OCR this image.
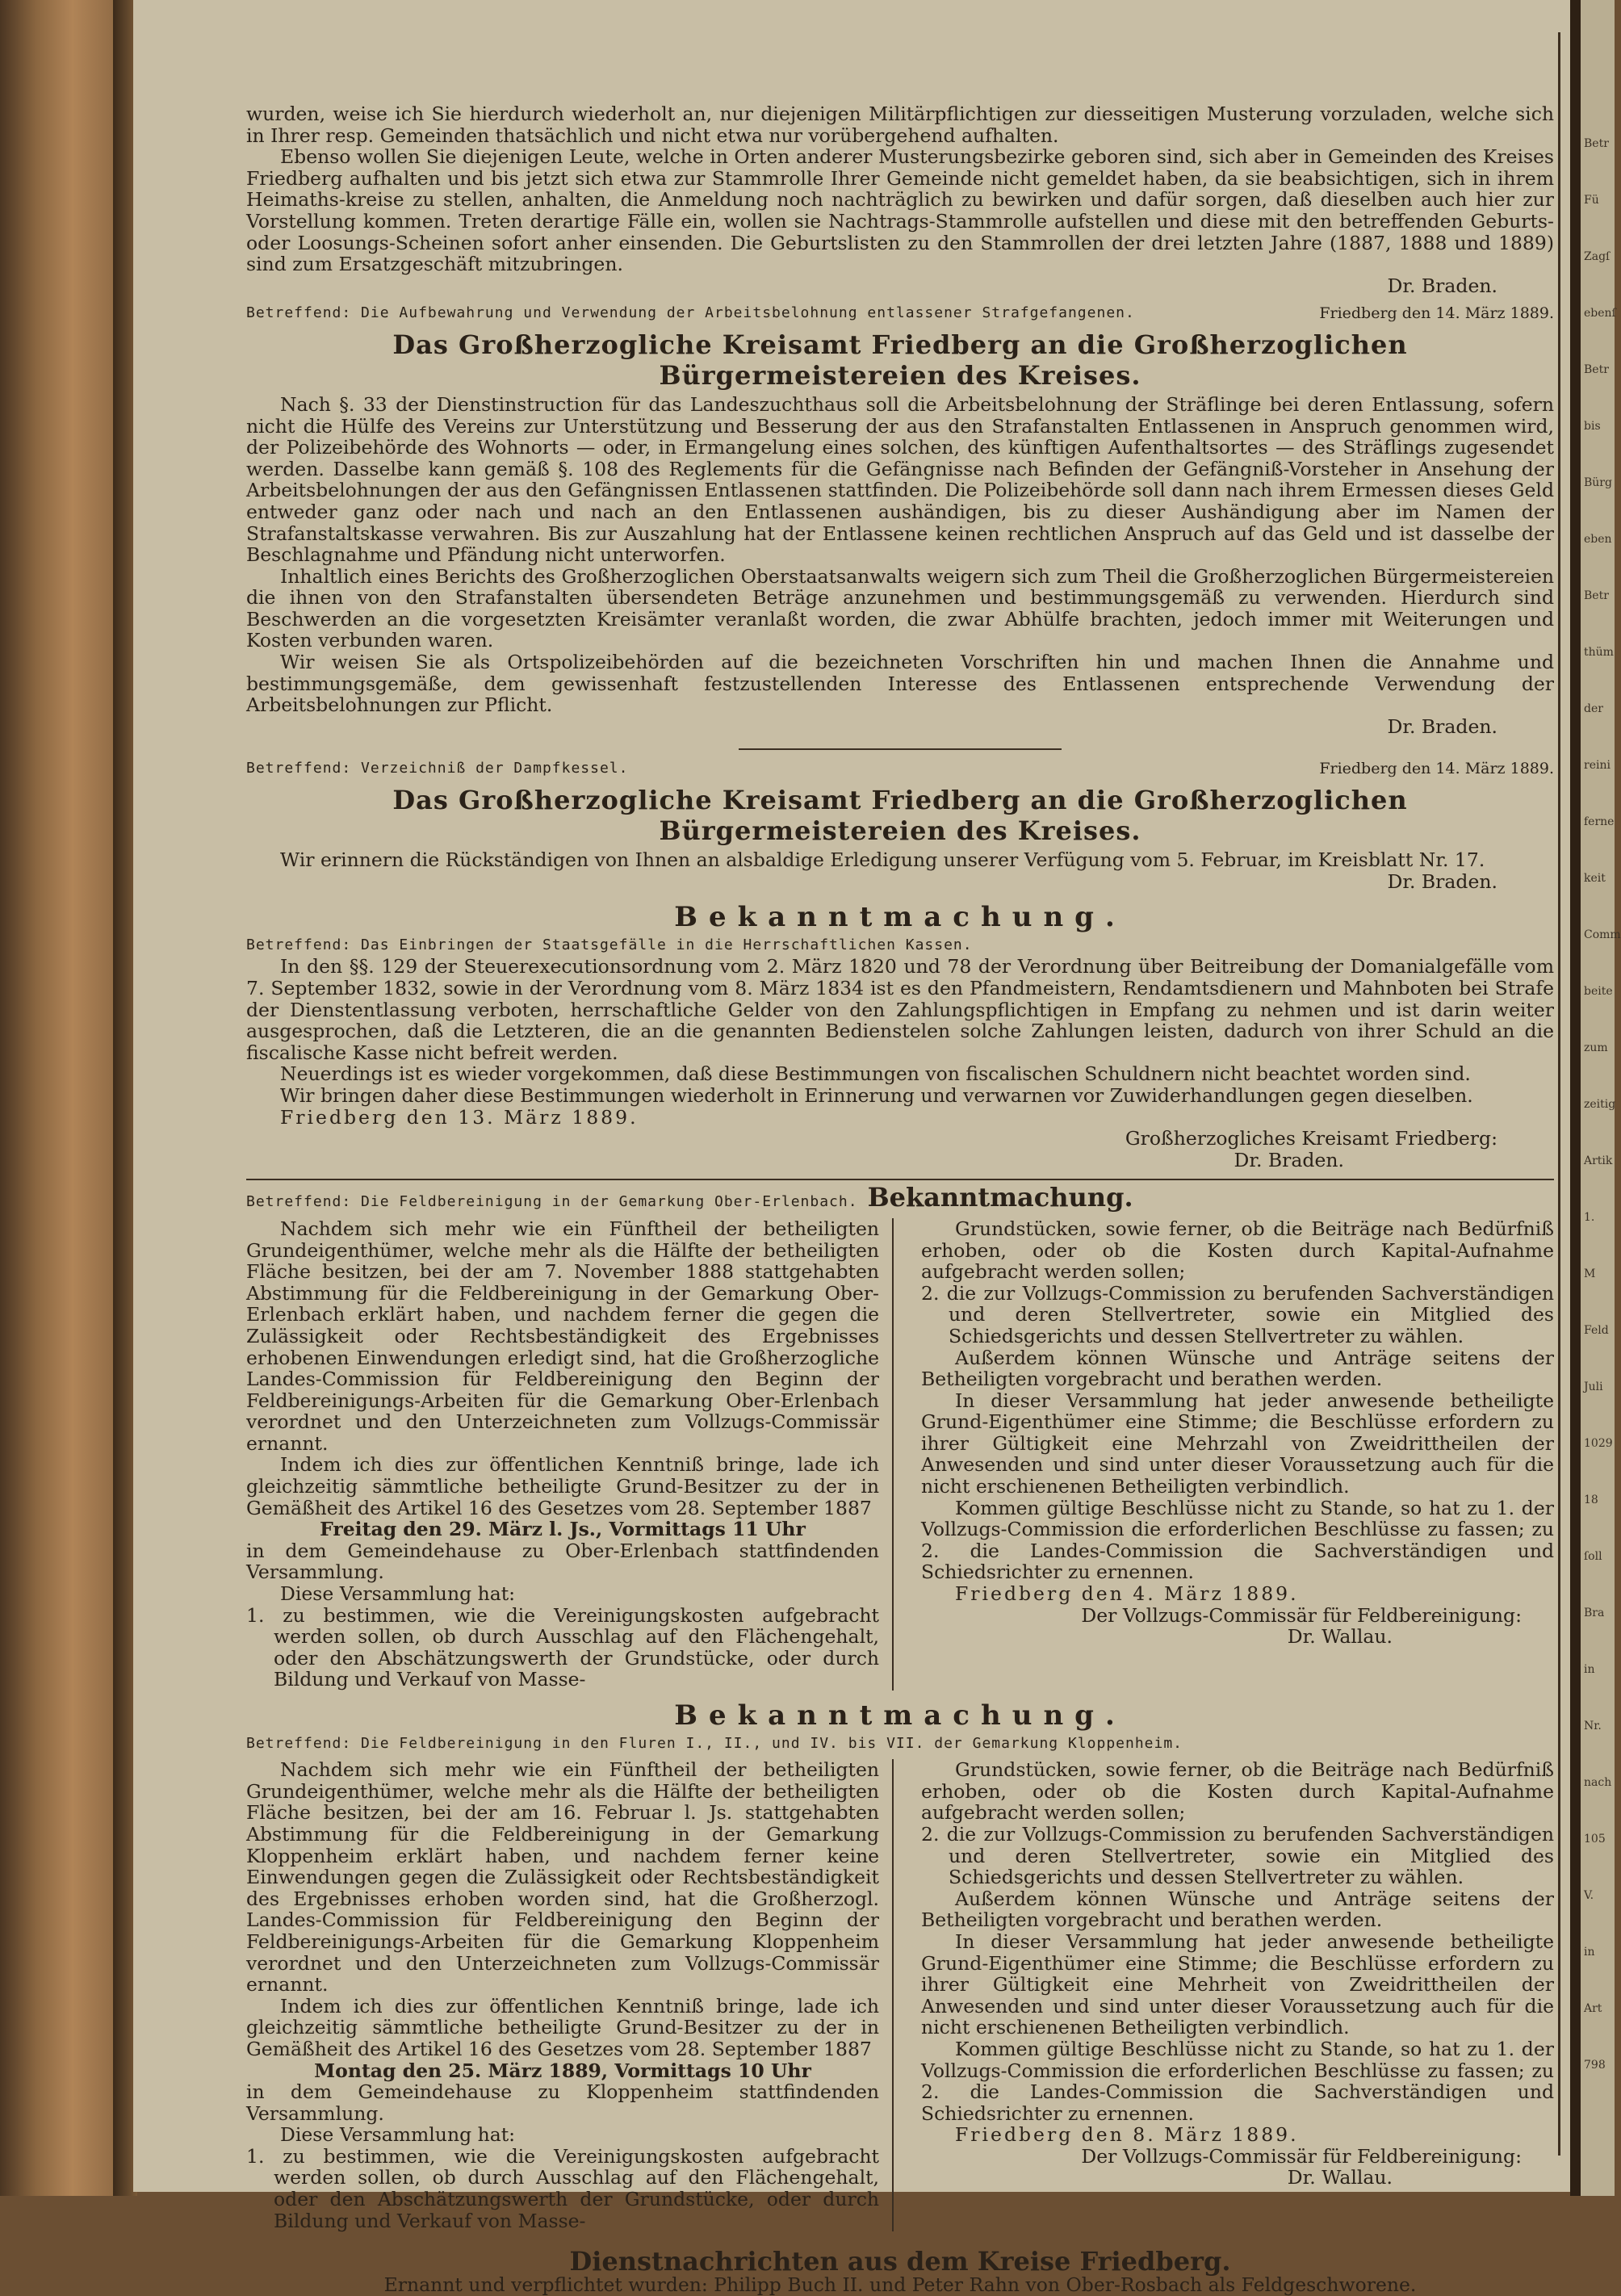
wurden, weise ich Sie hierdurch wiederholt an, nur diejenigen Militärpflichtigen zur diesseitigen Musterung vorzuladen, welche sich in Ihrer resp. Gemeinden thatsächlich und nicht etwa nur vorübergehend aufhalten.

Ebenso wollen Sie diejenigen Leute, welche in Orten anderer Musterungsbezirke geboren sind, sich aber in Gemeinden des Kreises Friedberg aufhalten und bis jetzt sich etwa zur Stammrolle Ihrer Gemeinde nicht gemeldet haben, da sie beabsichtigen, sich in ihrem Heimaths-kreise zu stellen, anhalten, die Anmeldung noch nachträglich zu bewirken und dafür sorgen, daß dieselben auch hier zur Vorstellung kommen. Treten derartige Fälle ein, wollen sie Nachtrags-Stammrolle aufstellen und diese mit den betreffenden Geburts- oder Loosungs-Scheinen sofort anher einsenden. Die Geburtslisten zu den Stammrollen der drei letzten Jahre (1887, 1888 und 1889) sind zum Ersatzgeschäft mitzubringen.

Dr. Braden.

Betreffend: Die Aufbewahrung und Verwendung der Arbeitsbelohnung entlassener Strafgefangenen.	Friedberg den 14. März 1889.
Das Großherzogliche Kreisamt Friedberg an die Großherzoglichen Bürgermeistereien des Kreises.

Nach §. 33 der Dienstinstruction für das Landeszuchthaus soll die Arbeitsbelohnung der Sträflinge bei deren Entlassung, sofern nicht die Hülfe des Vereins zur Unterstützung und Besserung der aus den Strafanstalten Entlassenen in Anspruch genommen wird, der Polizeibehörde des Wohnorts — oder, in Ermangelung eines solchen, des künftigen Aufenthaltsortes — des Sträflings zugesendet werden. Dasselbe kann gemäß §. 108 des Reglements für die Gefängnisse nach Befinden der Gefängniß-Vorsteher in Ansehung der Arbeitsbelohnungen der aus den Gefängnissen Entlassenen stattfinden. Die Polizeibehörde soll dann nach ihrem Ermessen dieses Geld entweder ganz oder nach und nach an den Entlassenen aushändigen, bis zu dieser Aushändigung aber im Namen der Strafanstaltskasse verwahren. Bis zur Auszahlung hat der Entlassene keinen rechtlichen Anspruch auf das Geld und ist dasselbe der Beschlagnahme und Pfändung nicht unterworfen.

Inhaltlich eines Berichts des Großherzoglichen Oberstaatsanwalts weigern sich zum Theil die Großherzoglichen Bürgermeistereien die ihnen von den Strafanstalten übersendeten Beträge anzunehmen und bestimmungsgemäß zu verwenden. Hierdurch sind Beschwerden an die vorgesetzten Kreisämter veranlaßt worden, die zwar Abhülfe brachten, jedoch immer mit Weiterungen und Kosten verbunden waren.

Wir weisen Sie als Ortspolizeibehörden auf die bezeichneten Vorschriften hin und machen Ihnen die Annahme und bestimmungsgemäße, dem gewissenhaft festzustellenden Interesse des Entlassenen entsprechende Verwendung der Arbeitsbelohnungen zur Pflicht.

Dr. Braden.

Betreffend: Verzeichniß der Dampfkessel.	Friedberg den 14. März 1889.
Das Großherzogliche Kreisamt Friedberg an die Großherzoglichen Bürgermeistereien des Kreises.

Wir erinnern die Rückständigen von Ihnen an alsbaldige Erledigung unserer Verfügung vom 5. Februar, im Kreisblatt Nr. 17.

Dr. Braden.

Bekanntmachung.
Betreffend: Das Einbringen der Staatsgefälle in die Herrschaftlichen Kassen.

In den §§. 129 der Steuerexecutionsordnung vom 2. März 1820 und 78 der Verordnung über Beitreibung der Domanialgefälle vom 7. September 1832, sowie in der Verordnung vom 8. März 1834 ist es den Pfandmeistern, Rendamtsdienern und Mahnboten bei Strafe der Dienstentlassung verboten, herrschaftliche Gelder von den Zahlungspflichtigen in Empfang zu nehmen und ist darin weiter ausgesprochen, daß die Letzteren, die an die genannten Bedienstelen solche Zahlungen leisten, dadurch von ihrer Schuld an die fiscalische Kasse nicht befreit werden.

Neuerdings ist es wieder vorgekommen, daß diese Bestimmungen von fiscalischen Schuldnern nicht beachtet worden sind.

Wir bringen daher diese Bestimmungen wiederholt in Erinnerung und verwarnen vor Zuwiderhandlungen gegen dieselben.

Friedberg den 13. März 1889.

Großherzogliches Kreisamt Friedberg:

Dr. Braden.

Betreffend: Die Feldbereinigung in der Gemarkung Ober-Erlenbach. Bekanntmachung.

Nachdem sich mehr wie ein Fünftheil der betheiligten Grundeigenthümer, welche mehr als die Hälfte der betheiligten Fläche besitzen, bei der am 7. November 1888 stattgehabten Abstimmung für die Feldbereinigung in der Gemarkung Ober-Erlenbach erklärt haben, und nachdem ferner die gegen die Zulässigkeit oder Rechtsbeständigkeit des Ergebnisses erhobenen Einwendungen erledigt sind, hat die Großherzogliche Landes-Commission für Feldbereinigung den Beginn der Feldbereinigungs-Arbeiten für die Gemarkung Ober-Erlenbach verordnet und den Unterzeichneten zum Vollzugs-Commissär ernannt.

Indem ich dies zur öffentlichen Kenntniß bringe, lade ich gleichzeitig sämmtliche betheiligte Grund-Besitzer zu der in Gemäßheit des Artikel 16 des Gesetzes vom 28. September 1887

Freitag den 29. März l. Js., Vormittags 11 Uhr

in dem Gemeindehause zu Ober-Erlenbach stattfindenden Versammlung.

Diese Versammlung hat:

1. zu bestimmen, wie die Vereinigungskosten aufgebracht werden sollen, ob durch Ausschlag auf den Flächengehalt, oder den Abschätzungswerth der Grundstücke, oder durch Bildung und Verkauf von Masse-

Grundstücken, sowie ferner, ob die Beiträge nach Bedürfniß erhoben, oder ob die Kosten durch Kapital-Aufnahme aufgebracht werden sollen;

2. die zur Vollzugs-Commission zu berufenden Sachverständigen und deren Stellvertreter, sowie ein Mitglied des Schiedsgerichts und dessen Stellvertreter zu wählen.

Außerdem können Wünsche und Anträge seitens der Betheiligten vorgebracht und berathen werden.

In dieser Versammlung hat jeder anwesende betheiligte Grund-Eigenthümer eine Stimme; die Beschlüsse erfordern zu ihrer Gültigkeit eine Mehrzahl von Zweidrittheilen der Anwesenden und sind unter dieser Voraussetzung auch für die nicht erschienenen Betheiligten verbindlich.

Kommen gültige Beschlüsse nicht zu Stande, so hat zu 1. der Vollzugs-Commission die erforderlichen Beschlüsse zu fassen; zu 2. die Landes-Commission die Sachverständigen und Schiedsrichter zu ernennen.

Friedberg den 4. März 1889.

Der Vollzugs-Commissär für Feldbereinigung:

Dr. Wallau.

Bekanntmachung.
Betreffend: Die Feldbereinigung in den Fluren I., II., und IV. bis VII. der Gemarkung Kloppenheim.

Nachdem sich mehr wie ein Fünftheil der betheiligten Grundeigenthümer, welche mehr als die Hälfte der betheiligten Fläche besitzen, bei der am 16. Februar l. Js. stattgehabten Abstimmung für die Feldbereinigung in der Gemarkung Kloppenheim erklärt haben, und nachdem ferner keine Einwendungen gegen die Zulässigkeit oder Rechtsbeständigkeit des Ergebnisses erhoben worden sind, hat die Großherzogl. Landes-Commission für Feldbereinigung den Beginn der Feldbereinigungs-Arbeiten für die Gemarkung Kloppenheim verordnet und den Unterzeichneten zum Vollzugs-Commissär ernannt.

Indem ich dies zur öffentlichen Kenntniß bringe, lade ich gleichzeitig sämmtliche betheiligte Grund-Besitzer zu der in Gemäßheit des Artikel 16 des Gesetzes vom 28. September 1887

Montag den 25. März 1889, Vormittags 10 Uhr

in dem Gemeindehause zu Kloppenheim stattfindenden Versammlung.

Diese Versammlung hat:

1. zu bestimmen, wie die Vereinigungskosten aufgebracht werden sollen, ob durch Ausschlag auf den Flächengehalt, oder den Abschätzungswerth der Grundstücke, oder durch Bildung und Verkauf von Masse-

Grundstücken, sowie ferner, ob die Beiträge nach Bedürfniß erhoben, oder ob die Kosten durch Kapital-Aufnahme aufgebracht werden sollen;

2. die zur Vollzugs-Commission zu berufenden Sachverständigen und deren Stellvertreter, sowie ein Mitglied des Schiedsgerichts und dessen Stellvertreter zu wählen.

Außerdem können Wünsche und Anträge seitens der Betheiligten vorgebracht und berathen werden.

In dieser Versammlung hat jeder anwesende betheiligte Grund-Eigenthümer eine Stimme; die Beschlüsse erfordern zu ihrer Gültigkeit eine Mehrheit von Zweidrittheilen der Anwesenden und sind unter dieser Voraussetzung auch für die nicht erschienenen Betheiligten verbindlich.

Kommen gültige Beschlüsse nicht zu Stande, so hat zu 1. der Vollzugs-Commission die erforderlichen Beschlüsse zu fassen; zu 2. die Landes-Commission die Sachverständigen und Schiedsrichter zu ernennen.

Friedberg den 8. März 1889.

Der Vollzugs-Commissär für Feldbereinigung:

Dr. Wallau.

Dienstnachrichten aus dem Kreise Friedberg.

Ernannt und verpflichtet wurden: Philipp Buch II. und Peter Rahn von Ober-Rosbach als Feldgeschworene.

Betr
Fü
Zagſ
ebenſ
Betr
bis
Bürg
eben
Betr
thüm
der
reini
ferne
keit
Comm
beite
zum
zeitig
Artik
1.
M
Feld
Juli
1029
18
ſoll
Bra
in
Nr.
nach
105
V.
in
Art
798
